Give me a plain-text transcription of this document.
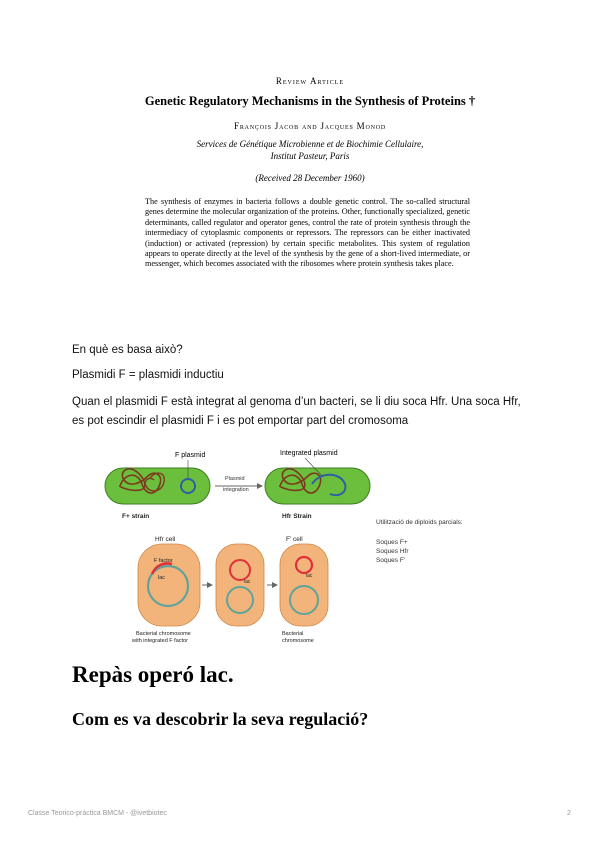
Review Article
Genetic Regulatory Mechanisms in the Synthesis of Proteins †
François Jacob and Jacques Monod
Services de Génétique Microbienne et de Biochimie Cellulaire,
Institut Pasteur, Paris
(Received 28 December 1960)
The synthesis of enzymes in bacteria follows a double genetic control. The so-called structural genes determine the molecular organization of the proteins. Other, functionally specialized, genetic determinants, called regulator and operator genes, control the rate of protein synthesis through the intermediacy of cytoplasmic components or repressors. The repressors can be either inactivated (induction) or activated (repression) by certain specific metabolites. This system of regulation appears to operate directly at the level of the synthesis by the gene of a short-lived intermediate, or messenger, which becomes associated with the ribosomes where protein synthesis takes place.
En què es basa això?
Plasmidi F = plasmidi inductiu
Quan el plasmidi F està integrat al genoma d’un bacteri, se li diu soca Hfr. Una soca Hfr, es pot escindir el plasmidi F i es pot emportar part del cromosoma
F plasmid
F+ strain
Plasmid
integration
Integrated plasmid
Hfr Strain
Hfr cell
F factor
lac
lac
F’ cell
lac
Bacterial chromosome
with integrated F factor
Bacterial
chromosome
Utilització de diploids parcials:
Soques F+
Soques Hfr
Soques F’
Repàs operó lac.
Com es va descobrir la seva regulació?
Classe Teorico-pràctica BMCM - @ivetbiotec	2
